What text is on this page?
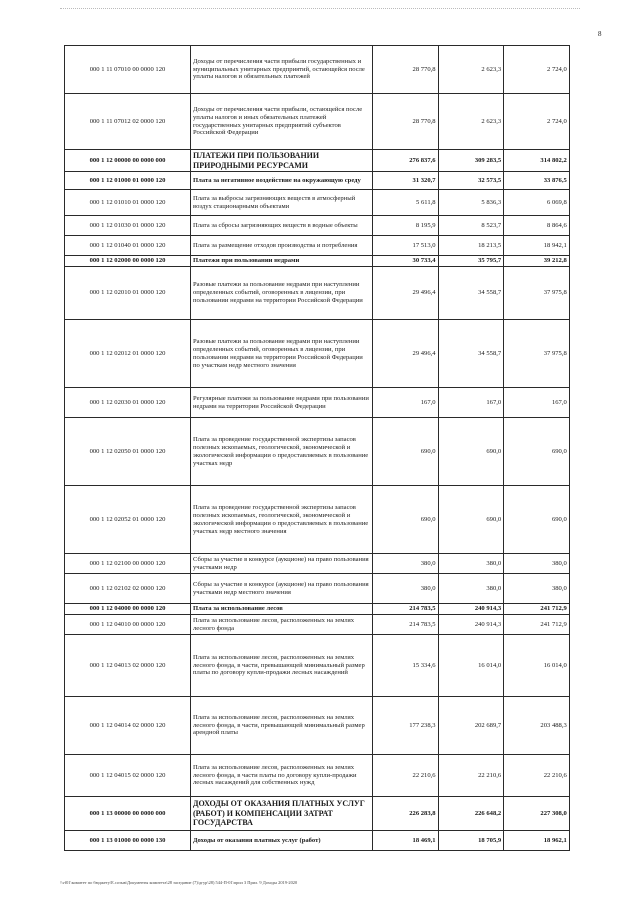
8
000 1 11 07010 00 0000 120	Доходы от перечисления части прибыли государственных и муниципальных унитарных предприятий, остающейся после уплаты налогов и обязательных платежей	28 770,8	2 623,3	2 724,0
000 1 11 07012 02 0000 120	Доходы от перечисления части прибыли, остающейся после уплаты налогов и иных обязательных платежей государственных унитарных предприятий субъектов Российской Федерации	28 770,8	2 623,3	2 724,0
000 1 12 00000 00 0000 000	ПЛАТЕЖИ ПРИ ПОЛЬЗОВАНИИ ПРИРОДНЫМИ РЕСУРСАМИ	276 837,6	309 283,5	314 802,2
000 1 12 01000 01 0000 120	Плата за негативное воздействие на окружающую среду	31 320,7	32 573,5	33 876,5
000 1 12 01010 01 0000 120	Плата за выбросы загрязняющих веществ в атмосферный воздух стационарными объектами	5 611,8	5 836,3	6 069,8
000 1 12 01030 01 0000 120	Плата за сбросы загрязняющих веществ в водные объекты	8 195,9	8 523,7	8 864,6
000 1 12 01040 01 0000 120	Плата за размещение отходов производства и потребления	17 513,0	18 213,5	18 942,1
000 1 12 02000 00 0000 120	Платежи при пользовании недрами	30 733,4	35 795,7	39 212,8
000 1 12 02010 01 0000 120	Разовые платежи за пользование недрами при наступлении определенных событий, оговоренных в лицензии, при пользовании недрами на территории Российской Федерации	29 496,4	34 558,7	37 975,8
000 1 12 02012 01 0000 120	Разовые платежи за пользование недрами при наступлении определенных событий, оговоренных в лицензии, при пользовании недрами на территории Российской Федерации по участкам недр местного значения	29 496,4	34 558,7	37 975,8
000 1 12 02030 01 0000 120	Регулярные платежи за пользование недрами при пользовании недрами на территории Российской Федерации	167,0	167,0	167,0
000 1 12 02050 01 0000 120	Плата за проведение государственной экспертизы запасов полезных ископаемых, геологической, экономической и экологической информации о предоставляемых в пользование участках недр	690,0	690,0	690,0
000 1 12 02052 01 0000 120	Плата за проведение государственной экспертизы запасов полезных ископаемых, геологической, экономической и экологической информации о предоставляемых в пользование участках недр местного значения	690,0	690,0	690,0
000 1 12 02100 00 0000 120	Сборы за участие в конкурсе (аукционе) на право пользования участками недр	380,0	380,0	380,0
000 1 12 02102 02 0000 120	Сборы за участие в конкурсе (аукционе) на право пользования участками недр местного значения	380,0	380,0	380,0
000 1 12 04000 00 0000 120	Плата за использование лесов	214 783,5	240 914,3	241 712,9
000 1 12 04010 00 0000 120	Плата за использование лесов, расположенных на землях лесного фонда	214 783,5	240 914,3	241 712,9
000 1 12 04013 02 0000 120	Плата за использование лесов, расположенных на землях лесного фонда, в части, превышающей минимальный размер платы по договору купли-продажи лесных насаждений	15 334,6	16 014,0	16 014,0
000 1 12 04014 02 0000 120	Плата за использование лесов, расположенных на землях лесного фонда, в части, превышающей минимальный размер арендной платы	177 238,3	202 689,7	203 488,3
000 1 12 04015 02 0000 120	Плата за использование лесов, расположенных на землях лесного фонда, в части платы по договору купли-продажи лесных насаждений для собственных нужд	22 210,6	22 210,6	22 210,6
000 1 13 00000 00 0000 000	ДОХОДЫ ОТ ОКАЗАНИЯ ПЛАТНЫХ УСЛУГ (РАБОТ) И КОМПЕНСАЦИИ ЗАТРАТ ГОСУДАРСТВА	226 283,8	226 648,2	227 308,0
000 1 13 01000 00 0000 130	Доходы от оказания платных услуг (работ)	18 469,1	18 705,9	18 962,1
\\vf01\комитет по бюджету\Е.созыв\Документы комитета\28 заседание (7)\дгур\28) 544-П-01\прил 3 Прил. 9 Доходы 2019-2020
